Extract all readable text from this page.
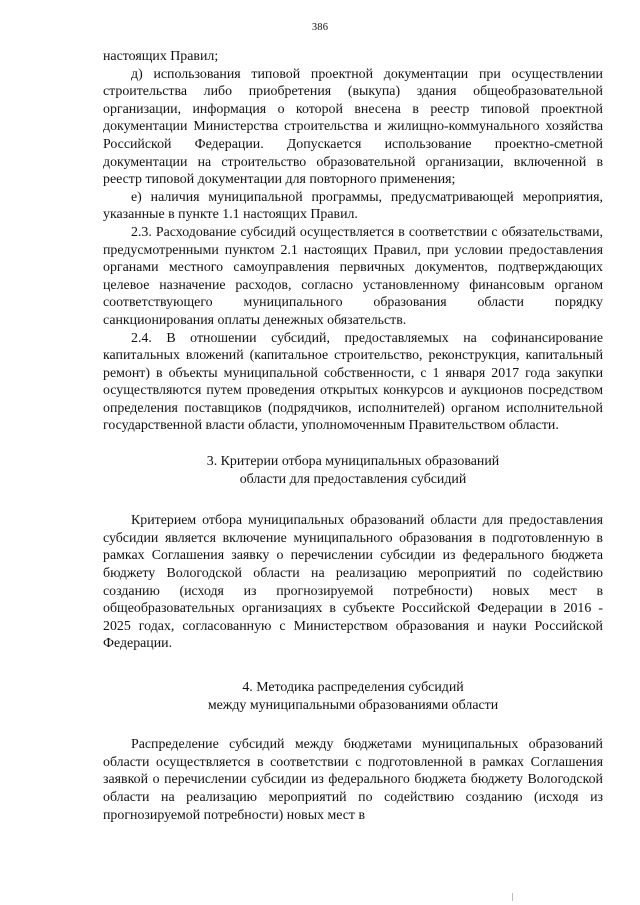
386

настоящих Правил;

д) использования типовой проектной документации при осуществлении строительства либо приобретения (выкупа) здания общеобразовательной организации, информация о которой внесена в реестр типовой проектной документации Министерства строительства и жилищно-коммунального хозяйства Российской Федерации. Допускается использование проектно-сметной документации на строительство образовательной организации, включенной в реестр типовой документации для повторного применения;

е) наличия муниципальной программы, предусматривающей мероприятия, указанные в пункте 1.1 настоящих Правил.

2.3. Расходование субсидий осуществляется в соответствии с обязательствами, предусмотренными пунктом 2.1 настоящих Правил, при условии предоставления органами местного самоуправления первичных документов, подтверждающих целевое назначение расходов, согласно установленному финансовым органом соответствующего муниципального образования области порядку санкционирования оплаты денежных обязательств.

2.4. В отношении субсидий, предоставляемых на софинансирование капитальных вложений (капитальное строительство, реконструкция, капитальный ремонт) в объекты муниципальной собственности, с 1 января 2017 года закупки осуществляются путем проведения открытых конкурсов и аукционов посредством определения поставщиков (подрядчиков, исполнителей) органом исполнительной государственной власти области, уполномоченным Правительством области.

3. Критерии отбора муниципальных образований
области для предоставления субсидий

Критерием отбора муниципальных образований области для предоставления субсидии является включение муниципального образования в подготовленную в рамках Соглашения заявку о перечислении субсидии из федерального бюджета бюджету Вологодской области на реализацию мероприятий по содействию созданию (исходя из прогнозируемой потребности) новых мест в общеобразовательных организациях в субъекте Российской Федерации в 2016 - 2025 годах, согласованную с Министерством образования и науки Российской Федерации.

4. Методика распределения субсидий
между муниципальными образованиями области

Распределение субсидий между бюджетами муниципальных образований области осуществляется в соответствии с подготовленной в рамках Соглашения заявкой о перечислении субсидии из федерального бюджета бюджету Вологодской области на реализацию мероприятий по содействию созданию (исходя из прогнозируемой потребности) новых мест в
